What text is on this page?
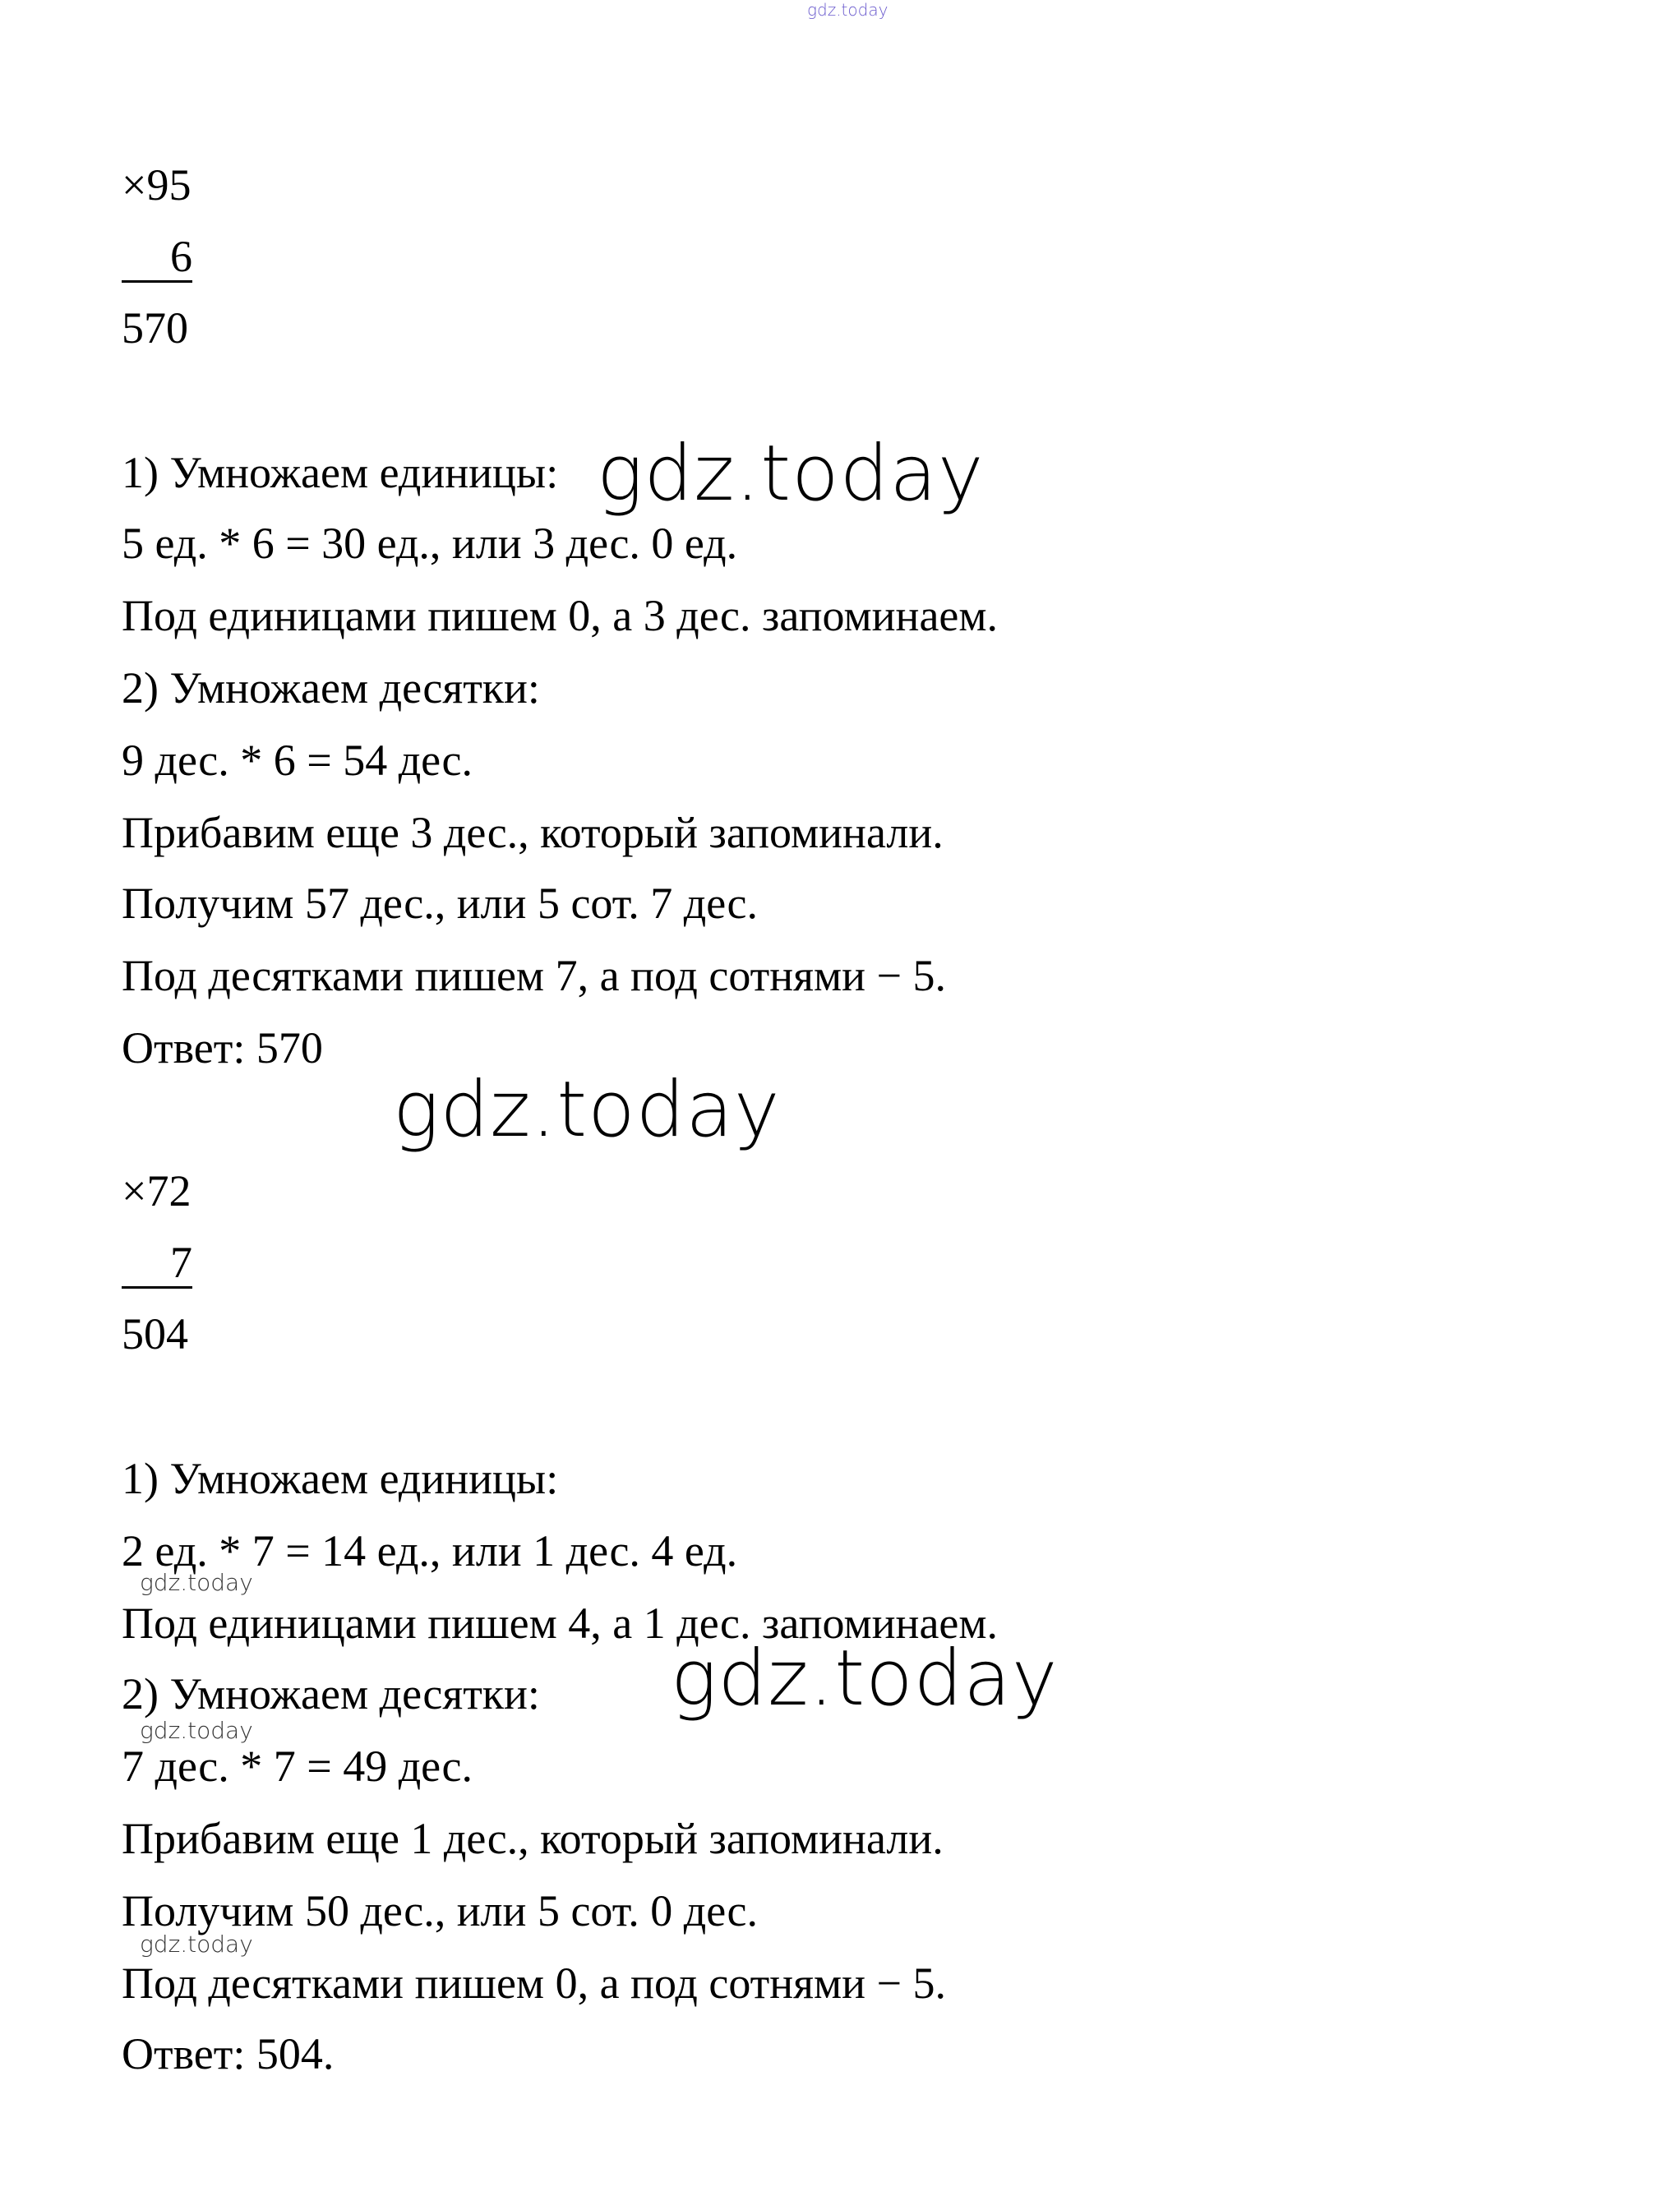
gdz.today
×95
6
570
1) Умножаем единицы:
5 ед. * 6 = 30 ед., или 3 дес. 0 ед.
Под единицами пишем 0, а 3 дес. запоминаем.
2) Умножаем десятки:
9 дес. * 6 = 54 дес.
Прибавим еще 3 дес., который запоминали.
Получим 57 дес., или 5 сот. 7 дес.
Под десятками пишем 7, а под сотнями − 5.
Ответ: 570
×72
7
504
1) Умножаем единицы:
2 ед. * 7 = 14 ед., или 1 дес. 4 ед.
Под единицами пишем 4, а 1 дес. запоминаем.
2) Умножаем десятки:
7 дес. * 7 = 49 дес.
Прибавим еще 1 дес., который запоминали.
Получим 50 дес., или 5 сот. 0 дес.
Под десятками пишем 0, а под сотнями − 5.
Ответ: 504.
gdz.today
gdz.today
gdz.today
gdz.today
gdz.today
gdz.today
